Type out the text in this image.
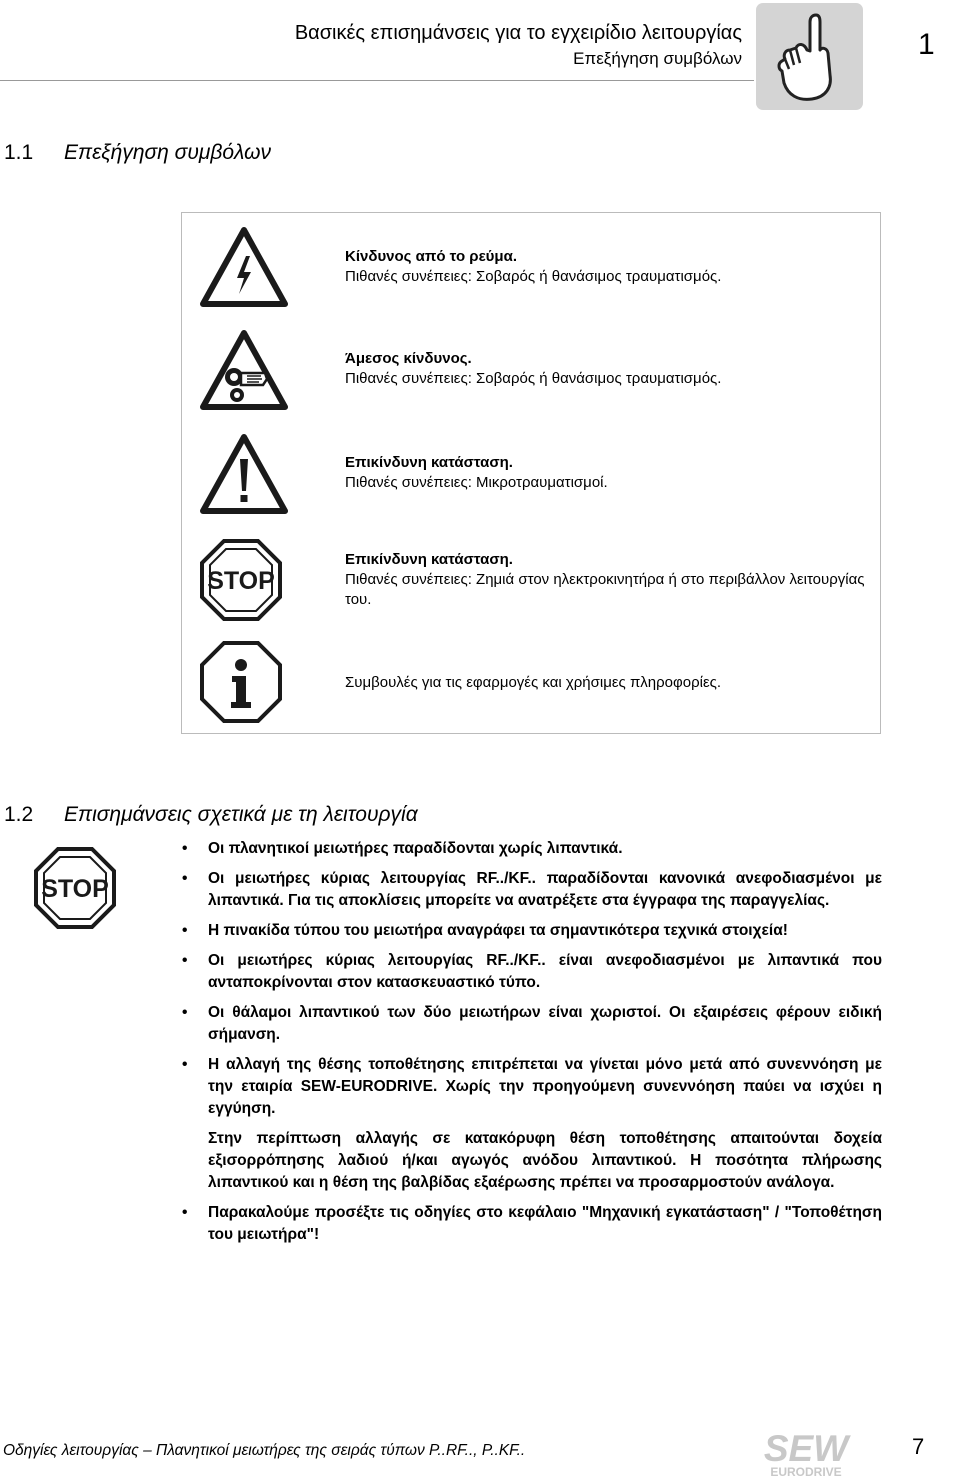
Βασικές επισημάνσεις για το εγχειρίδιο λειτουργίας
Επεξήγηση συμβόλων	1
1.1 Επεξήγηση συμβόλων
Κίνδυνος από το ρεύμα.
Πιθανές συνέπειες: Σοβαρός ή θανάσιμος τραυματισμός.
Άμεσος κίνδυνος.
Πιθανές συνέπειες: Σοβαρός ή θανάσιμος τραυματισμός.
Επικίνδυνη κατάσταση.
Πιθανές συνέπειες: Μικροτραυματισμοί.
STOP
Επικίνδυνη κατάσταση.
Πιθανές συνέπειες: Ζημιά στον ηλεκτροκινητήρα ή στο περιβάλλον λειτουργίας του.
Συμβουλές για τις εφαρμογές και χρήσιμες πληροφορίες.
1.2 Επισημάνσεις σχετικά με τη λειτουργία
STOP
• Οι πλανητικοί μειωτήρες παραδίδονται χωρίς λιπαντικά.
• Οι μειωτήρες κύριας λειτουργίας RF../KF.. παραδίδονται κανονικά ανεφοδιασμένοι με λιπαντικά. Για τις αποκλίσεις μπορείτε να ανατρέξετε στα έγγραφα της παραγγελίας.
• Η πινακίδα τύπου του μειωτήρα αναγράφει τα σημαντικότερα τεχνικά στοιχεία!
• Οι μειωτήρες κύριας λειτουργίας RF../KF.. είναι ανεφοδιασμένοι με λιπαντικά που ανταποκρίνονται στον κατασκευαστικό τύπο.
• Οι θάλαμοι λιπαντικού των δύο μειωτήρων είναι χωριστοί. Οι εξαιρέσεις φέρουν ειδική σήμανση.
• Η αλλαγή της θέσης τοποθέτησης επιτρέπεται να γίνεται μόνο μετά από συνεννόηση με την εταιρία SEW-EURODRIVE. Χωρίς την προηγούμενη συνεννόηση παύει να ισχύει η εγγύηση.
Στην περίπτωση αλλαγής σε κατακόρυφη θέση τοποθέτησης απαιτούνται δοχεία εξισορρόπησης λαδιού ή/και αγωγός ανόδου λιπαντικού. Η ποσότητα πλήρωσης λιπαντικού και η θέση της βαλβίδας εξαέρωσης πρέπει να προσαρμοστούν ανάλογα.
• Παρακαλούμε προσέξτε τις οδηγίες στο κεφάλαιο "Μηχανική εγκατάσταση" / "Τοποθέτηση του μειωτήρα"!
Οδηγίες λειτουργίας – Πλανητικοί μειωτήρες της σειράς τύπων P..RF.., P..KF..	SEW
EURODRIVE
7
